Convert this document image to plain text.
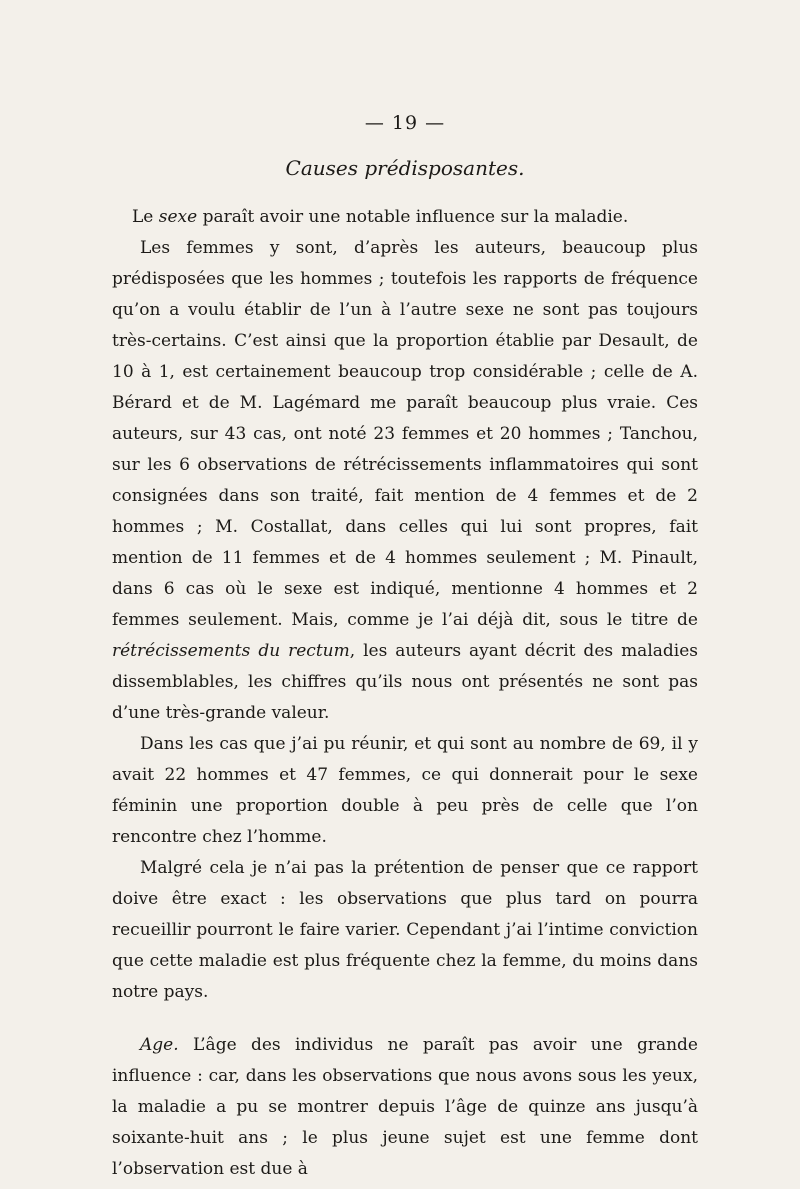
— 19 —
Causes prédisposantes.

Le sexe paraît avoir une notable influence sur la maladie.

Les femmes y sont, d’après les auteurs, beaucoup plus prédisposées que les hommes ; toutefois les rapports de fréquence qu’on a voulu établir de l’un à l’autre sexe ne sont pas toujours très-certains. C’est ainsi que la proportion établie par Desault, de 10 à 1, est certainement beaucoup trop considérable ; celle de A. Bérard et de M. Lagémard me paraît beaucoup plus vraie. Ces auteurs, sur 43 cas, ont noté 23 femmes et 20 hommes ; Tanchou, sur les 6 observations de rétrécissements inflammatoires qui sont consignées dans son traité, fait mention de 4 femmes et de 2 hommes ; M. Costallat, dans celles qui lui sont propres, fait mention de 11 femmes et de 4 hommes seulement ; M. Pinault, dans 6 cas où le sexe est indiqué, mentionne 4 hommes et 2 femmes seulement. Mais, comme je l’ai déjà dit, sous le titre de rétrécissements du rectum, les auteurs ayant décrit des maladies dissemblables, les chiffres qu’ils nous ont présentés ne sont pas d’une très-grande valeur.

Dans les cas que j’ai pu réunir, et qui sont au nombre de 69, il y avait 22 hommes et 47 femmes, ce qui donnerait pour le sexe féminin une proportion double à peu près de celle que l’on rencontre chez l’homme.

Malgré cela je n’ai pas la prétention de penser que ce rapport doive être exact : les observations que plus tard on pourra recueillir pourront le faire varier. Cependant j’ai l’intime conviction que cette maladie est plus fréquente chez la femme, du moins dans notre pays.

Age. L’âge des individus ne paraît pas avoir une grande influence : car, dans les observations que nous avons sous les yeux, la maladie a pu se montrer depuis l’âge de quinze ans jusqu’à soixante-huit ans ; le plus jeune sujet est une femme dont l’observation est due à
